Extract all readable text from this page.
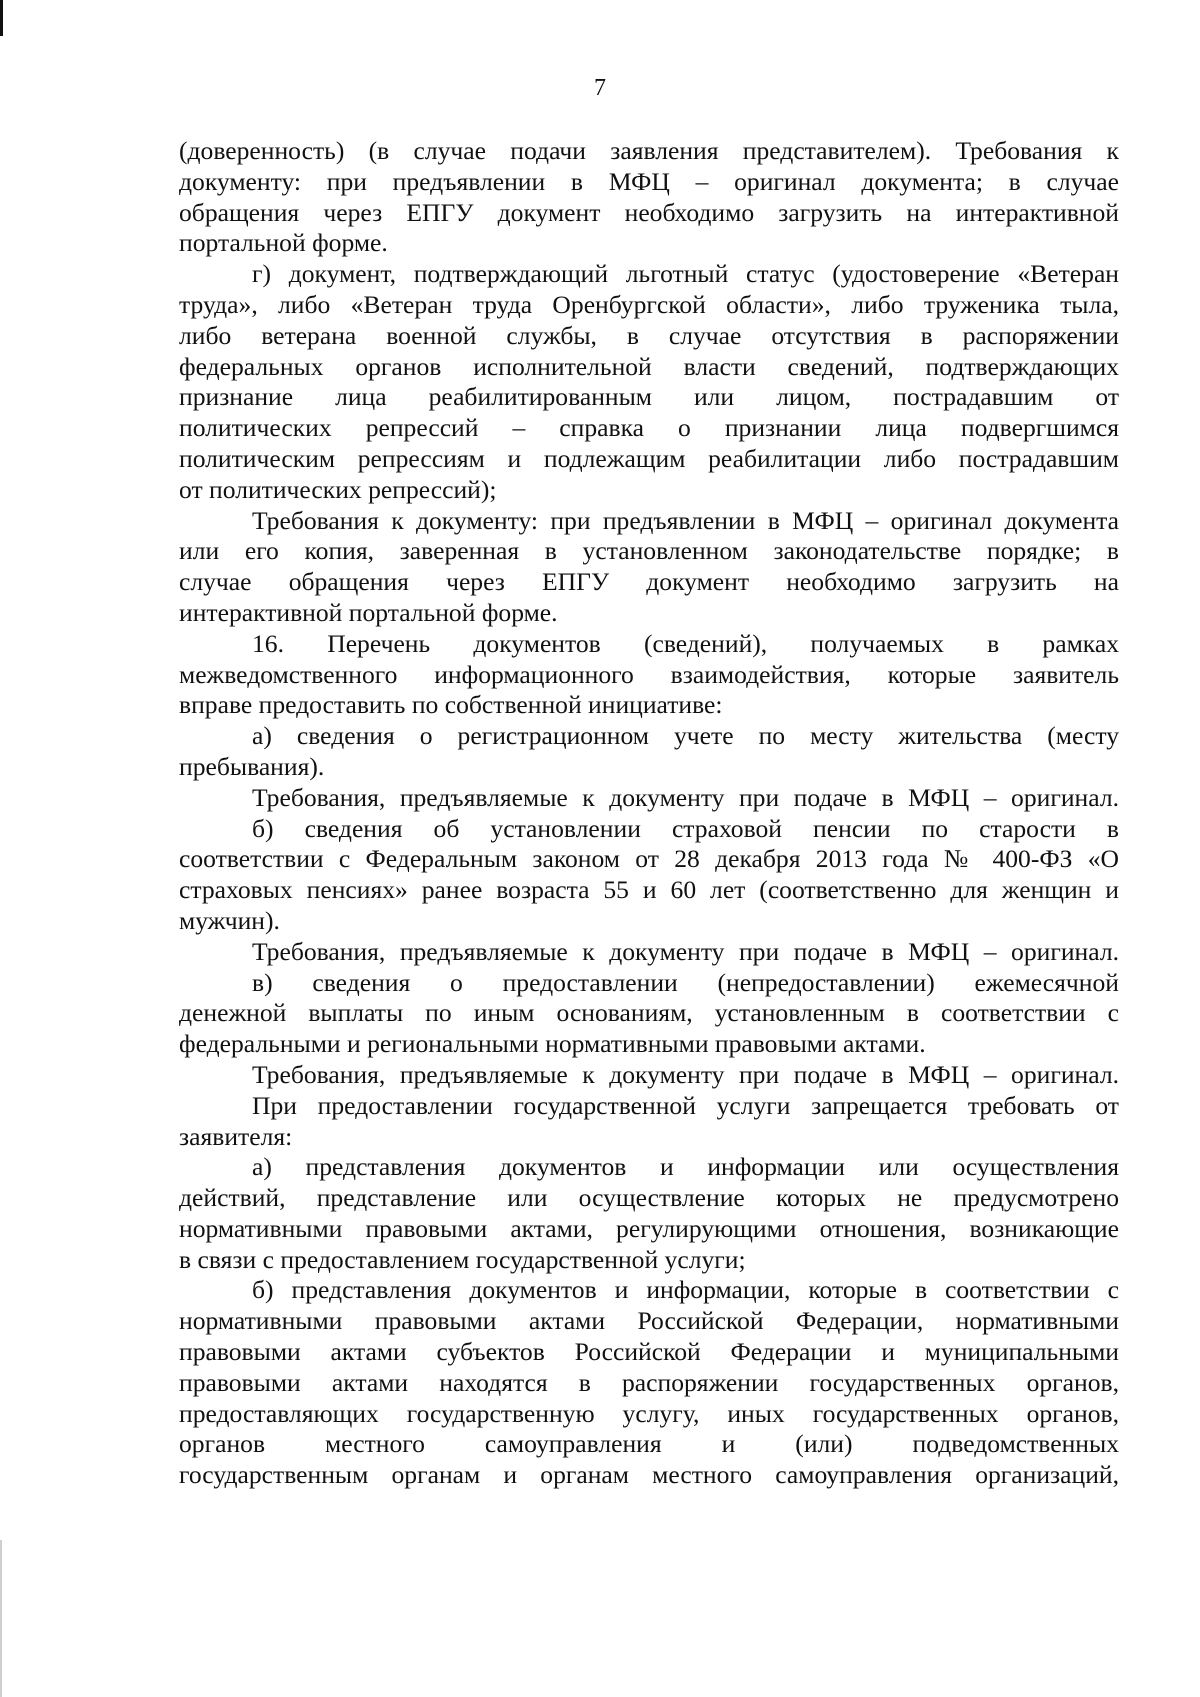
7
(доверенность) (в случае подачи заявления представителем). Требования к
документу: при предъявлении в МФЦ – оригинал документа; в случае
обращения через ЕПГУ документ необходимо загрузить на интерактивной
портальной форме.
г) документ, подтверждающий льготный статус (удостоверение «Ветеран
труда», либо «Ветеран труда Оренбургской области», либо труженика тыла,
либо ветерана военной службы, в случае отсутствия в распоряжении
федеральных органов исполнительной власти сведений, подтверждающих
признание лица реабилитированным или лицом, пострадавшим от
политических репрессий – справка о признании лица подвергшимся
политическим репрессиям и подлежащим реабилитации либо пострадавшим
от политических репрессий);
Требования к документу: при предъявлении в МФЦ – оригинал документа
или его копия, заверенная в установленном законодательстве порядке; в
случае обращения через ЕПГУ документ необходимо загрузить на
интерактивной портальной форме.
16. Перечень документов (сведений), получаемых в рамках
межведомственного информационного взаимодействия, которые заявитель
вправе предоставить по собственной инициативе:
а) сведения о регистрационном учете по месту жительства (месту
пребывания).
Требования, предъявляемые к документу при подаче в МФЦ – оригинал.
б) сведения об установлении страховой пенсии по старости в
соответствии с Федеральным законом от 28 декабря 2013 года № 400-ФЗ «О
страховых пенсиях» ранее возраста 55 и 60 лет (соответственно для женщин и
мужчин).
Требования, предъявляемые к документу при подаче в МФЦ – оригинал.
в) сведения о предоставлении (непредоставлении) ежемесячной
денежной выплаты по иным основаниям, установленным в соответствии с
федеральными и региональными нормативными правовыми актами.
Требования, предъявляемые к документу при подаче в МФЦ – оригинал.
При предоставлении государственной услуги запрещается требовать от
заявителя:
а) представления документов и информации или осуществления
действий, представление или осуществление которых не предусмотрено
нормативными правовыми актами, регулирующими отношения, возникающие
в связи с предоставлением государственной услуги;
б) представления документов и информации, которые в соответствии с
нормативными правовыми актами Российской Федерации, нормативными
правовыми актами субъектов Российской Федерации и муниципальными
правовыми актами находятся в распоряжении государственных органов,
предоставляющих государственную услугу, иных государственных органов,
органов местного самоуправления и (или) подведомственных
государственным органам и органам местного самоуправления организаций,
